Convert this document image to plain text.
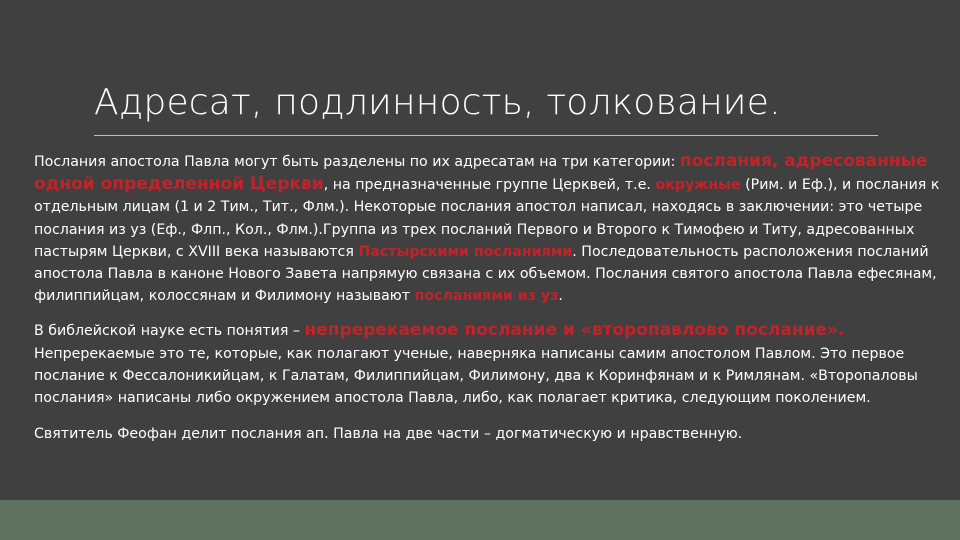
Адресат, подлинность, толкование.

Послания апостола Павла могут быть разделены по их адресатам на три категории: послания, адресованные одной определенной Церкви, на предназначенные группе Церквей, т.е. окружные (Рим. и Еф.), и послания к отдельным лицам (1 и 2 Тим., Тит., Флм.). Некоторые послания апостол написал, находясь в заключении: это четыре послания из уз (Еф., Флп., Кол., Флм.).Группа из трех посланий Первого и Второго к Тимофею и Титу, адресованных пастырям Церкви, с XVIII века называются Пастырскими посланиями. Последовательность расположения посланий апостола Павла в каноне Нового Завета напрямую связана с их объемом. Послания святого апостола Павла ефесянам, филиппийцам, колоссянам и Филимону называют посланиями из уз.

В библейской науке есть понятия – непререкаемое послание и «второпавлово послание». Непререкаемые это те, которые, как полагают ученые, наверняка написаны самим апостолом Павлом. Это первое послание к Фессалоникийцам, к Галатам, Филиппийцам, Филимону, два к Коринфянам и к Римлянам. «Второпаловы послания» написаны либо окружением апостола Павла, либо, как полагает критика, следующим поколением.

Святитель Феофан делит послания ап. Павла на две части – догматическую и нравственную.
